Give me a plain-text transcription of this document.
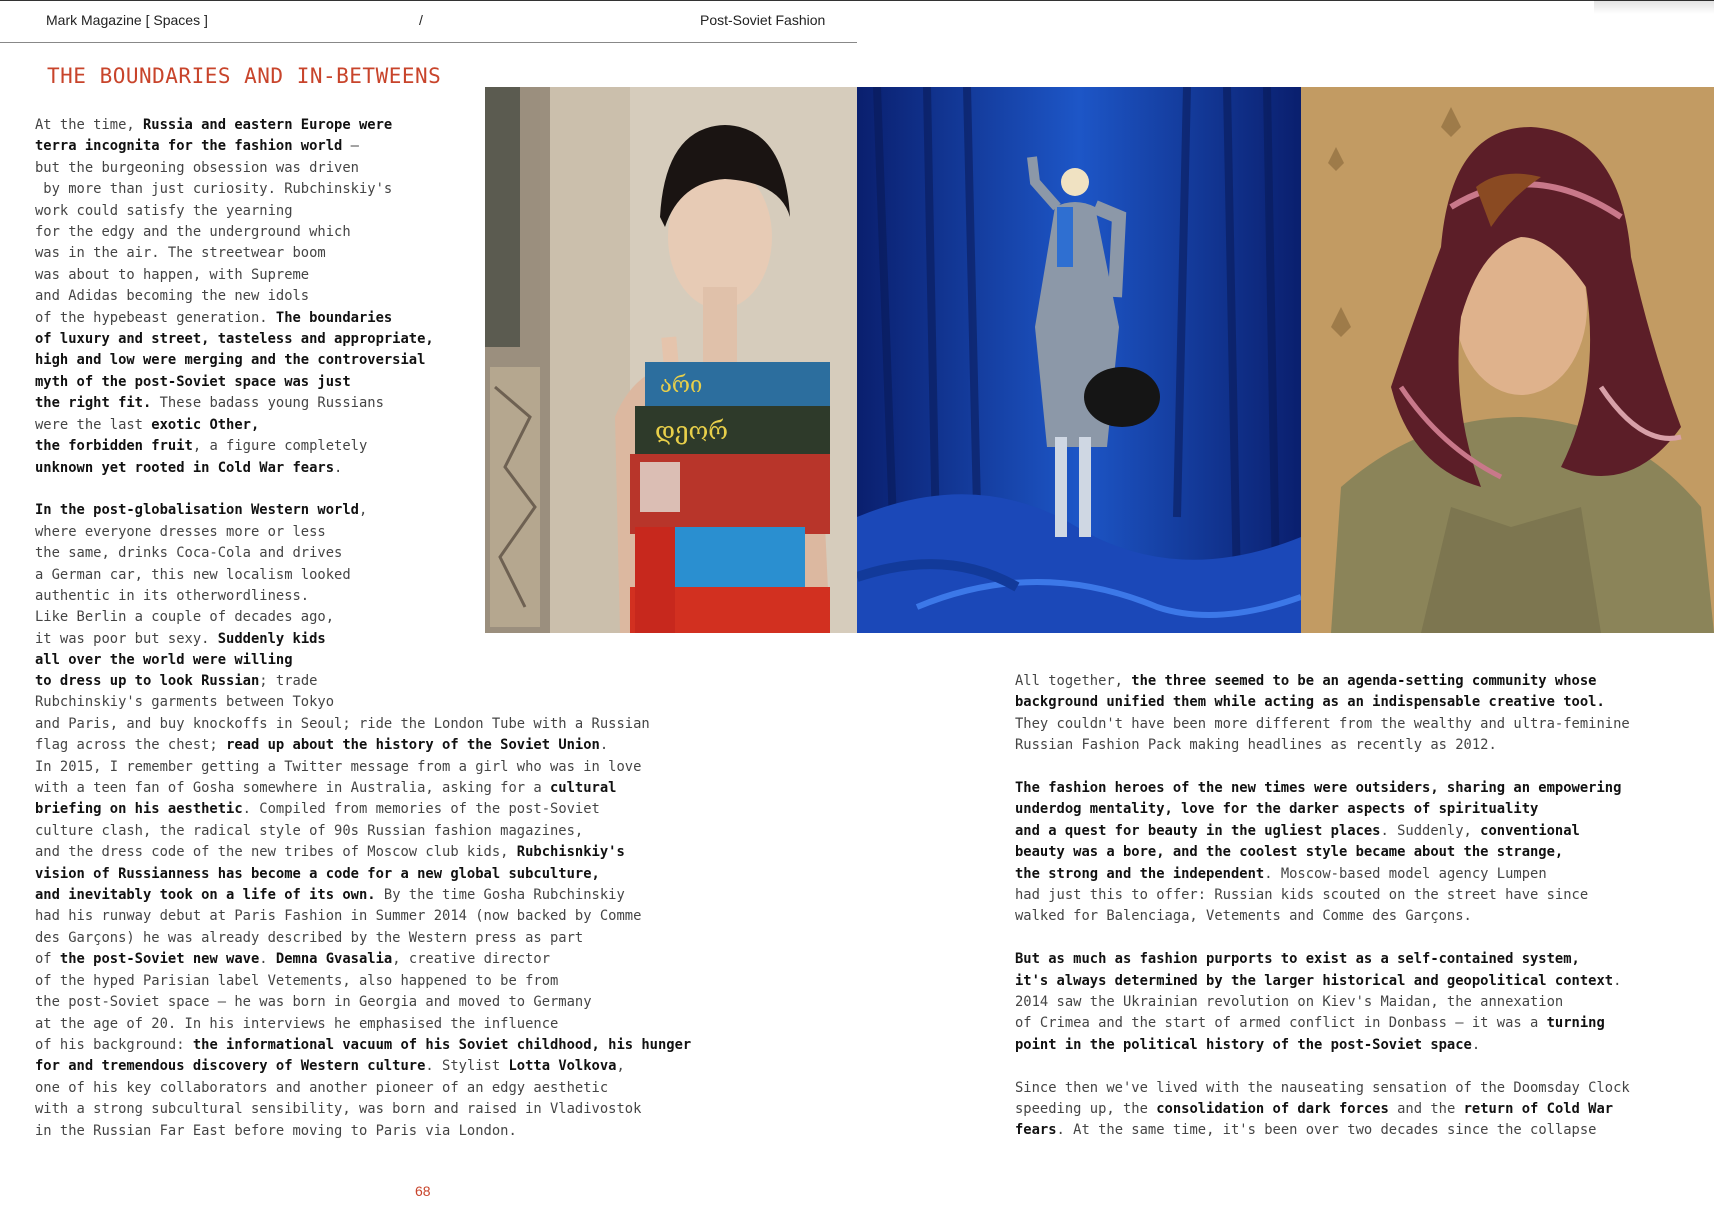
Mark Magazine [ Spaces ]	/	Post-Soviet Fashion
THE BOUNDARIES AND IN-BETWEENS

At the time, Russia and eastern Europe were
terra incognita for the fashion world —
but the burgeoning obsession was driven
by more than just curiosity. Rubchinskiy's
work could satisfy the yearning
for the edgy and the underground which
was in the air. The streetwear boom
was about to happen, with Supreme
and Adidas becoming the new idols
of the hypebeast generation. The boundaries
of luxury and street, tasteless and appropriate,
high and low were merging and the controversial
myth of the post-Soviet space was just
the right fit. These badass young Russians
were the last exotic Other,
the forbidden fruit, a figure completely
unknown yet rooted in Cold War fears.

In the post-globalisation Western world,
where everyone dresses more or less
the same, drinks Coca-Cola and drives
a German car, this new localism looked
authentic in its otherwordliness.
Like Berlin a couple of decades ago,
it was poor but sexy. Suddenly kids
all over the world were willing

to dress up to look Russian; trade
Rubchinskiy's garments between Tokyo
and Paris, and buy knockoffs in Seoul; ride the London Tube with a Russian
flag across the chest; read up about the history of the Soviet Union.
In 2015, I remember getting a Twitter message from a girl who was in love
with a teen fan of Gosha somewhere in Australia, asking for a cultural
briefing on his aesthetic. Compiled from memories of the post-Soviet
culture clash, the radical style of 90s Russian fashion magazines,
and the dress code of the new tribes of Moscow club kids, Rubchisnkiy's
vision of Russianness has become a code for a new global subculture,
and inevitably took on a life of its own. By the time Gosha Rubchinskiy
had his runway debut at Paris Fashion in Summer 2014 (now backed by Comme
des Garçons) he was already described by the Western press as part
of the post-Soviet new wave. Demna Gvasalia, creative director
of the hyped Parisian label Vetements, also happened to be from
the post-Soviet space — he was born in Georgia and moved to Germany
at the age of 20. In his interviews he emphasised the influence
of his background: the informational vacuum of his Soviet childhood, his hunger
for and tremendous discovery of Western culture. Stylist Lotta Volkova,
one of his key collaborators and another pioneer of an edgy aesthetic
with a strong subcultural sensibility, was born and raised in Vladivostok
in the Russian Far East before moving to Paris via London.

All together, the three seemed to be an agenda-setting community whose
background unified them while acting as an indispensable creative tool.
They couldn't have been more different from the wealthy and ultra-feminine
Russian Fashion Pack making headlines as recently as 2012.

The fashion heroes of the new times were outsiders, sharing an empowering
underdog mentality, love for the darker aspects of spirituality
and a quest for beauty in the ugliest places. Suddenly, conventional
beauty was a bore, and the coolest style became about the strange,
the strong and the independent. Moscow-based model agency Lumpen
had just this to offer: Russian kids scouted on the street have since
walked for Balenciaga, Vetements and Comme des Garçons.

But as much as fashion purports to exist as a self-contained system,
it's always determined by the larger historical and geopolitical context.
2014 saw the Ukrainian revolution on Kiev's Maidan, the annexation
of Crimea and the start of armed conflict in Donbass — it was a turning
point in the political history of the post-Soviet space.

Since then we've lived with the nauseating sensation of the Doomsday Clock
speeding up, the consolidation of dark forces and the return of Cold War
fears. At the same time, it's been over two decades since the collapse

არი
დეორ
68
